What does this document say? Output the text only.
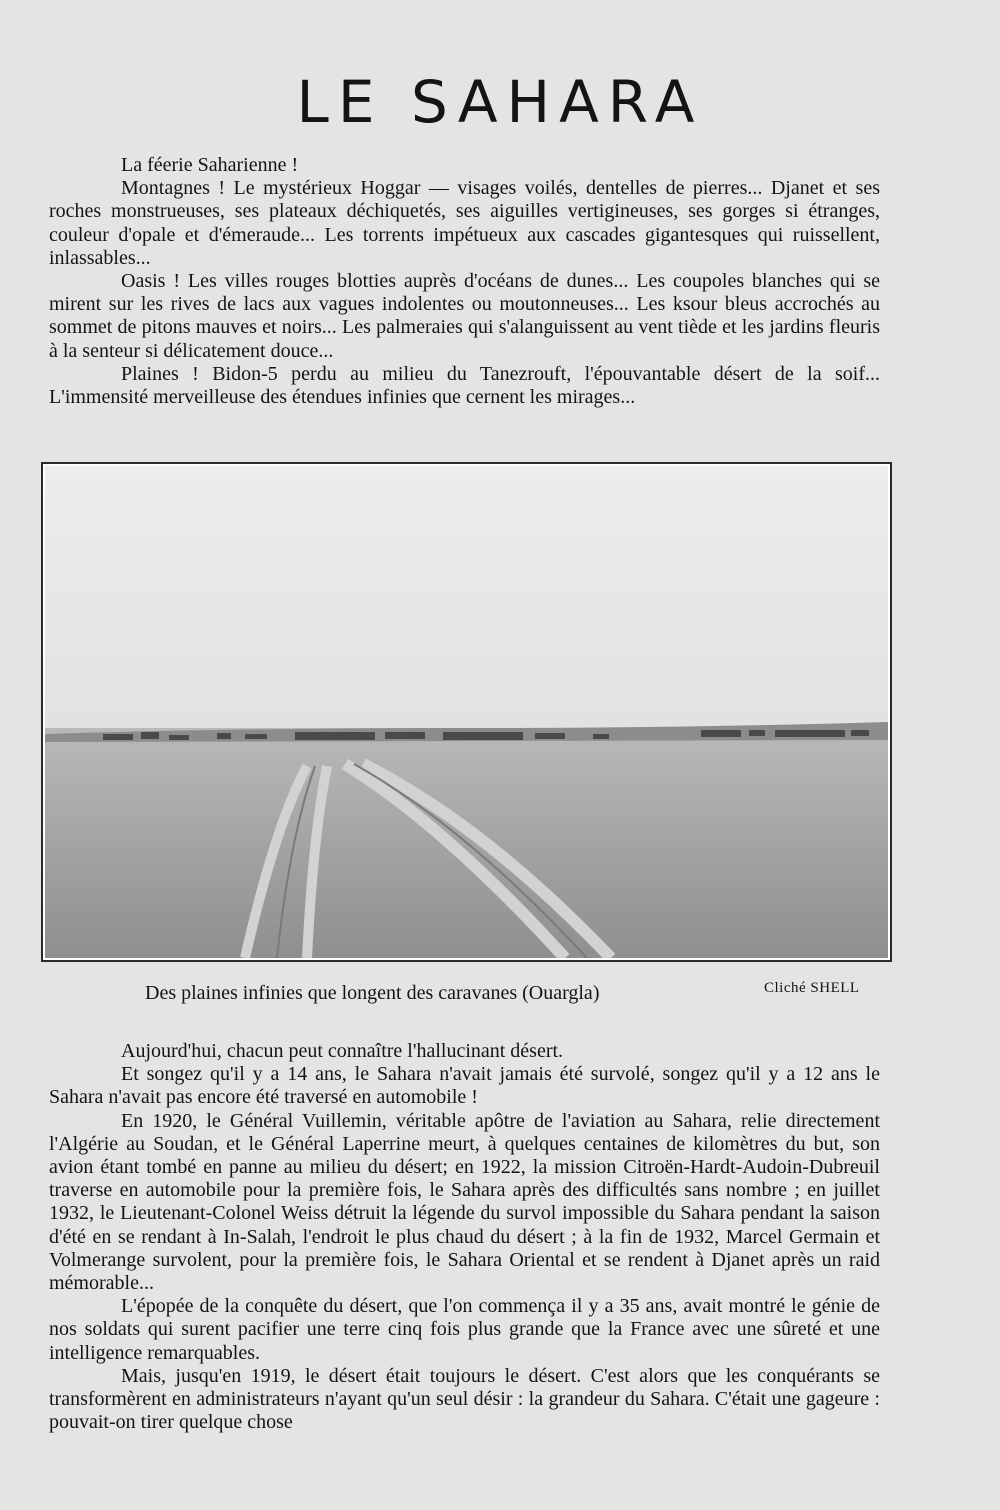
LE SAHARA

La féerie Saharienne !

Montagnes ! Le mystérieux Hoggar — visages voilés, dentelles de pierres... Djanet et ses roches monstrueuses, ses plateaux déchiquetés, ses aiguilles vertigineuses, ses gorges si étranges, couleur d'opale et d'émeraude... Les torrents impétueux aux cascades gigantesques qui ruissellent, inlassables...

Oasis ! Les villes rouges blotties auprès d'océans de dunes... Les coupoles blanches qui se mirent sur les rives de lacs aux vagues indolentes ou moutonneuses... Les ksour bleus accrochés au sommet de pitons mauves et noirs... Les palmeraies qui s'alanguissent au vent tiède et les jardins fleuris à la senteur si délicatement douce...

Plaines ! Bidon-5 perdu au milieu du Tanezrouft, l'épouvantable désert de la soif... L'immensité merveilleuse des étendues infinies que cernent les mirages...

Des plaines infinies que longent des caravanes (Ouargla)	Cliché SHELL

Aujourd'hui, chacun peut connaître l'hallucinant désert.

Et songez qu'il y a 14 ans, le Sahara n'avait jamais été survolé, songez qu'il y a 12 ans le Sahara n'avait pas encore été traversé en automobile !

En 1920, le Général Vuillemin, véritable apôtre de l'aviation au Sahara, relie directement l'Algérie au Soudan, et le Général Laperrine meurt, à quelques centaines de kilomètres du but, son avion étant tombé en panne au milieu du désert; en 1922, la mission Citroën-Hardt-Audoin-Dubreuil traverse en automobile pour la première fois, le Sahara après des difficultés sans nombre ; en juillet 1932, le Lieutenant-Colonel Weiss détruit la légende du survol impossible du Sahara pendant la saison d'été en se rendant à In-Salah, l'endroit le plus chaud du désert ; à la fin de 1932, Marcel Germain et Volmerange survolent, pour la première fois, le Sahara Oriental et se rendent à Djanet après un raid mémorable...

L'épopée de la conquête du désert, que l'on commença il y a 35 ans, avait montré le génie de nos soldats qui surent pacifier une terre cinq fois plus grande que la France avec une sûreté et une intelligence remarquables.

Mais, jusqu'en 1919, le désert était toujours le désert. C'est alors que les conquérants se transformèrent en administrateurs n'ayant qu'un seul désir : la grandeur du Sahara. C'était une gageure : pouvait-on tirer quelque chose
